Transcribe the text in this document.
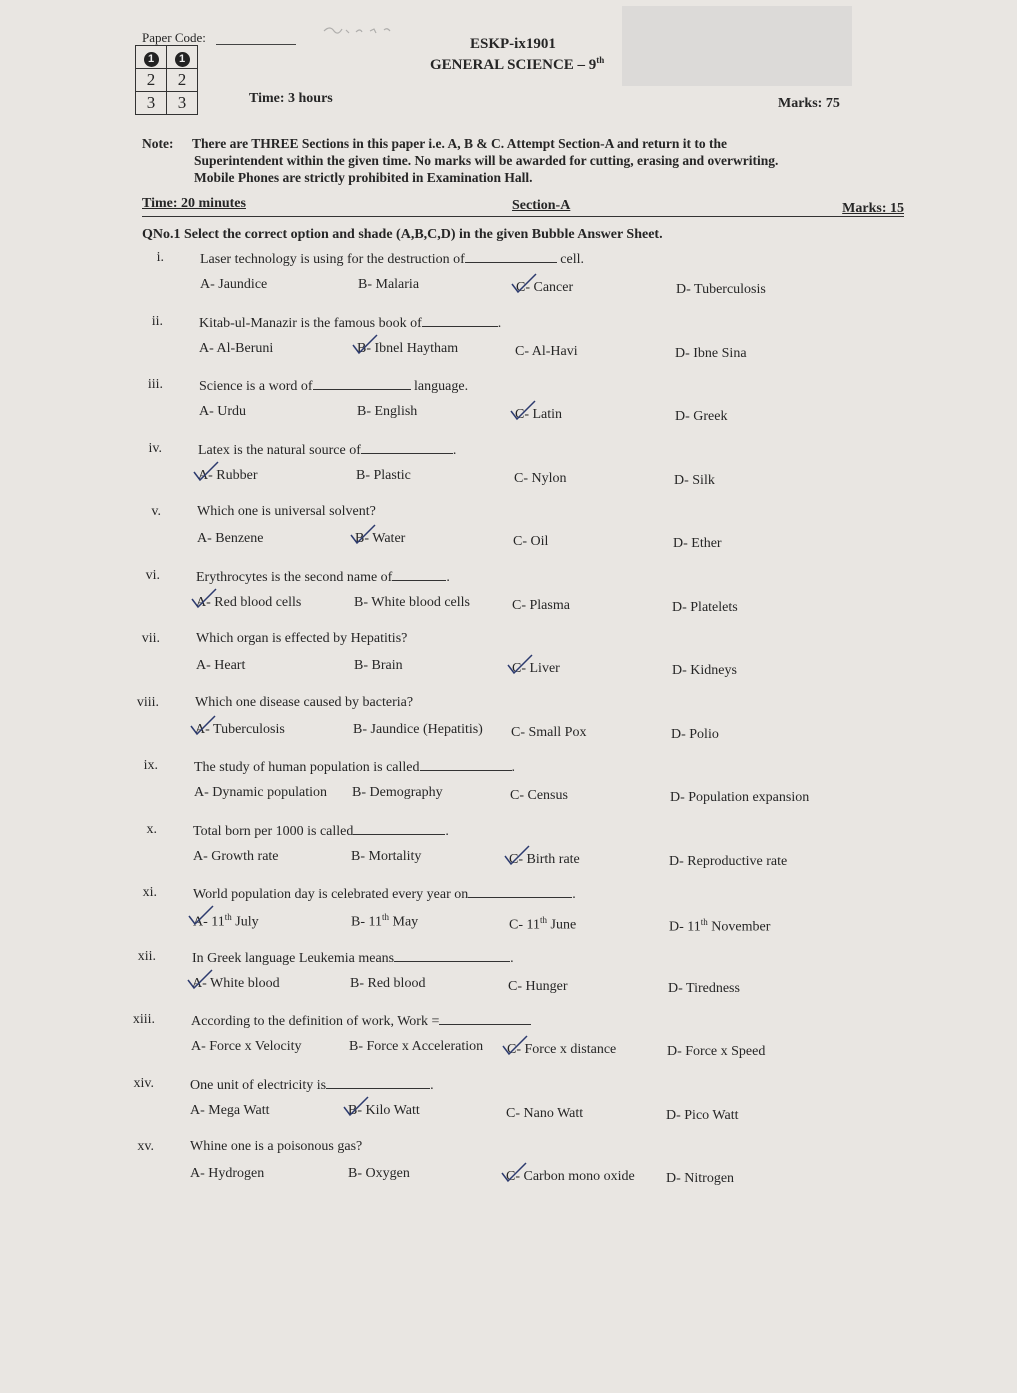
Paper Code:
1	1
2	2
3	3
ESKP-ix1901
GENERAL SCIENCE – 9th
Time: 3 hours	Marks: 75
Note: There are THREE Sections in this paper i.e. A, B & C. Attempt Section-A and return it to the
Superintendent within the given time. No marks will be awarded for cutting, erasing and overwriting.
Mobile Phones are strictly prohibited in Examination Hall.
Time: 20 minutes	Section-A	Marks: 15
QNo.1 Select the correct option and shade (A,B,C,D) in the given Bubble Answer Sheet.
i.	Laser technology is using for the destruction of	cell.
A- Jaundice	B- Malaria	C- Cancer	D- Tuberculosis
ii.	Kitab-ul-Manazir is the famous book of	.
A- Al-Beruni	B- Ibnel Haytham	C- Al-Havi	D- Ibne Sina
iii.	Science is a word of	language.
A- Urdu	B- English	C- Latin	D- Greek
iv.	Latex is the natural source of	.
A- Rubber	B- Plastic	C- Nylon	D- Silk
v.	Which one is universal solvent?
A- Benzene	B- Water	C- Oil	D- Ether
vi.	Erythrocytes is the second name of	.
A- Red blood cells	B- White blood cells	C- Plasma	D- Platelets
vii.	Which organ is effected by Hepatitis?
A- Heart	B- Brain	C- Liver	D- Kidneys
viii.	Which one disease caused by bacteria?
A- Tuberculosis	B- Jaundice (Hepatitis) C- Small Pox	D- Polio
ix.	The study of human population is called	.
A- Dynamic population B- Demography	C- Census	D- Population expansion
x.	Total born per 1000 is called	.
A- Growth rate	B- Mortality	C- Birth rate	D- Reproductive rate
xi.	World population day is celebrated every year on	.
A- 11th July	B- 11th May	C- 11th June	D- 11th November
xii.	In Greek language Leukemia means	.
A- White blood	B- Red blood	C- Hunger	D- Tiredness
xiii.	According to the definition of work, Work =
A- Force x Velocity	B- Force x Acceleration C- Force x distance	D- Force x Speed
xiv.	One unit of electricity is	.
A- Mega Watt	B- Kilo Watt	C- Nano Watt	D- Pico Watt
xv.	Whine one is a poisonous gas?
A- Hydrogen	B- Oxygen	C- Carbon mono oxide D- Nitrogen
